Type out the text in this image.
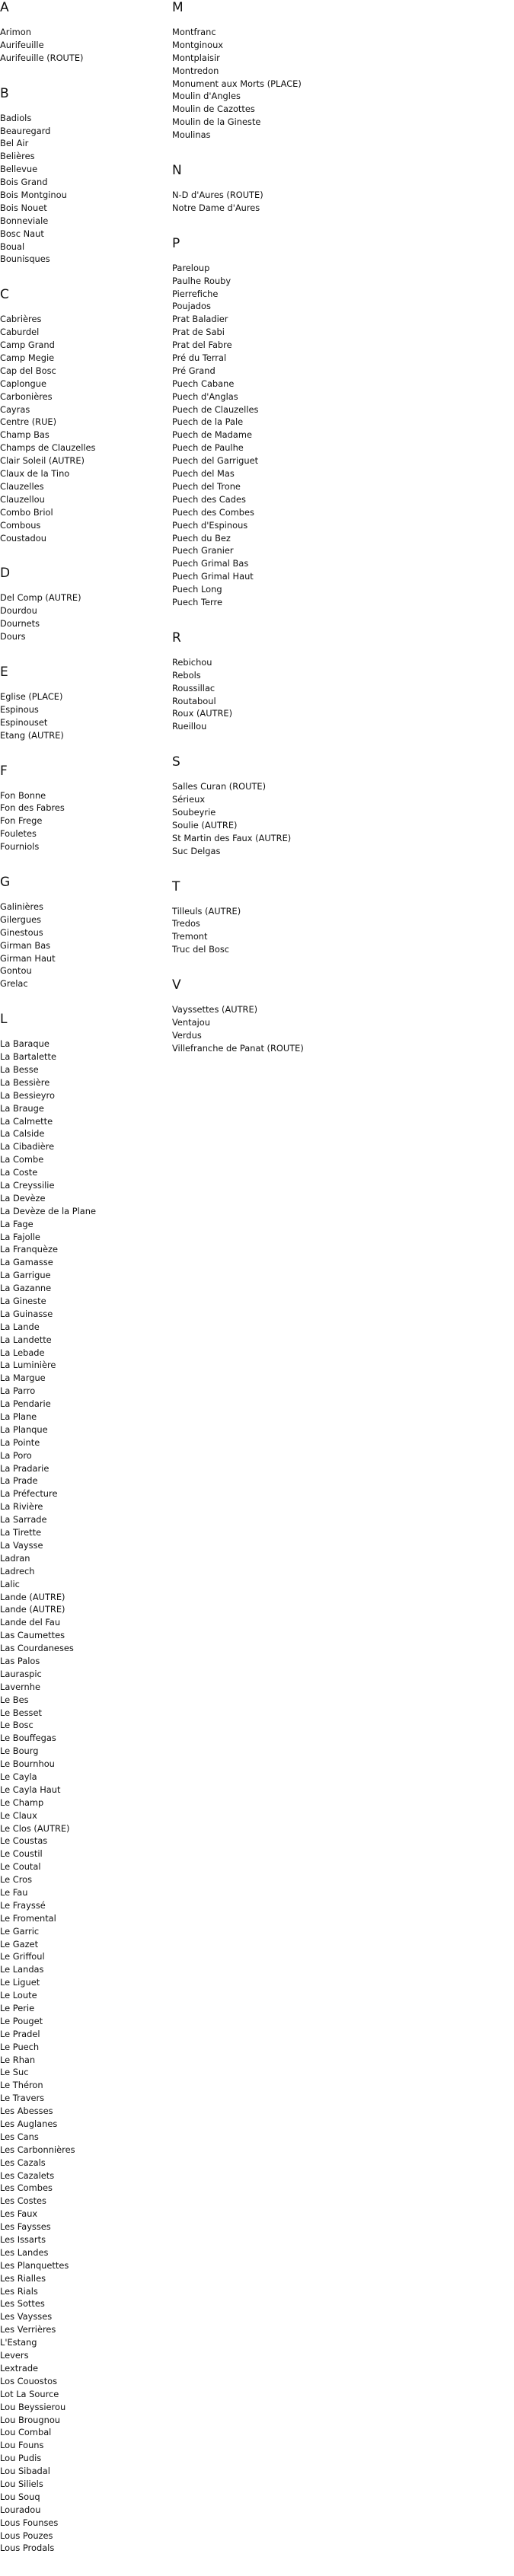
A
Arimon
Aurifeuille
Aurifeuille (ROUTE)
B
Badiols
Beauregard
Bel Air
Belières
Bellevue
Bois Grand
Bois Montginou
Bois Nouet
Bonneviale
Bosc Naut
Boual
Bounisques
C
Cabrières
Caburdel
Camp Grand
Camp Megie
Cap del Bosc
Caplongue
Carbonières
Cayras
Centre (RUE)
Champ Bas
Champs de Clauzelles
Clair Soleil (AUTRE)
Claux de la Tino
Clauzelles
Clauzellou
Combo Briol
Combous
Coustadou
D
Del Comp (AUTRE)
Dourdou
Dournets
Dours
E
Eglise (PLACE)
Espinous
Espinouset
Etang (AUTRE)
F
Fon Bonne
Fon des Fabres
Fon Frege
Fouletes
Fourniols
G
Galinières
Gilergues
Ginestous
Girman Bas
Girman Haut
Gontou
Grelac
L
La Baraque
La Bartalette
La Besse
La Bessière
La Bessieyro
La Brauge
La Calmette
La Calside
La Cibadière
La Combe
La Coste
La Creyssilie
La Devèze
La Devèze de la Plane
La Fage
La Fajolle
La Franquèze
La Gamasse
La Garrigue
La Gazanne
La Gineste
La Guinasse
La Lande
La Landette
La Lebade
La Luminière
La Margue
La Parro
La Pendarie
La Plane
La Planque
La Pointe
La Poro
La Pradarie
La Prade
La Préfecture
La Rivière
La Sarrade
La Tirette
La Vaysse
Ladran
Ladrech
Lalic
Lande (AUTRE)
Lande (AUTRE)
Lande del Fau
Las Caumettes
Las Courdaneses
Las Palos
Lauraspic
Lavernhe
Le Bes
Le Besset
Le Bosc
Le Bouffegas
Le Bourg
Le Bournhou
Le Cayla
Le Cayla Haut
Le Champ
Le Claux
Le Clos (AUTRE)
Le Coustas
Le Coustil
Le Coutal
Le Cros
Le Fau
Le Frayssé
Le Fromental
Le Garric
Le Gazet
Le Griffoul
Le Landas
Le Liguet
Le Loute
Le Perie
Le Pouget
Le Pradel
Le Puech
Le Rhan
Le Suc
Le Théron
Le Travers
Les Abesses
Les Auglanes
Les Cans
Les Carbonnières
Les Cazals
Les Cazalets
Les Combes
Les Costes
Les Faux
Les Faysses
Les Issarts
Les Landes
Les Planquettes
Les Rialles
Les Rials
Les Sottes
Les Vaysses
Les Verrières
L'Estang
Levers
Lextrade
Los Couostos
Lot La Source
Lou Beyssierou
Lou Brougnou
Lou Combal
Lou Founs
Lou Pudis
Lou Sibadal
Lou Siliels
Lou Souq
Louradou
Lous Founses
Lous Pouzes
Lous Prodals
M
Montfranc
Montginoux
Montplaisir
Montredon
Monument aux Morts (PLACE)
Moulin d'Angles
Moulin de Cazottes
Moulin de la Gineste
Moulinas
N
N-D d'Aures (ROUTE)
Notre Dame d'Aures
P
Pareloup
Paulhe Rouby
Pierrefiche
Poujados
Prat Baladier
Prat de Sabi
Prat del Fabre
Pré du Terral
Pré Grand
Puech Cabane
Puech d'Anglas
Puech de Clauzelles
Puech de la Pale
Puech de Madame
Puech de Paulhe
Puech del Garriguet
Puech del Mas
Puech del Trone
Puech des Cades
Puech des Combes
Puech d'Espinous
Puech du Bez
Puech Granier
Puech Grimal Bas
Puech Grimal Haut
Puech Long
Puech Terre
R
Rebichou
Rebols
Roussillac
Routaboul
Roux (AUTRE)
Rueillou
S
Salles Curan (ROUTE)
Sérieux
Soubeyrie
Soulie (AUTRE)
St Martin des Faux (AUTRE)
Suc Delgas
T
Tilleuls (AUTRE)
Tredos
Tremont
Truc del Bosc
V
Vayssettes (AUTRE)
Ventajou
Verdus
Villefranche de Panat (ROUTE)
